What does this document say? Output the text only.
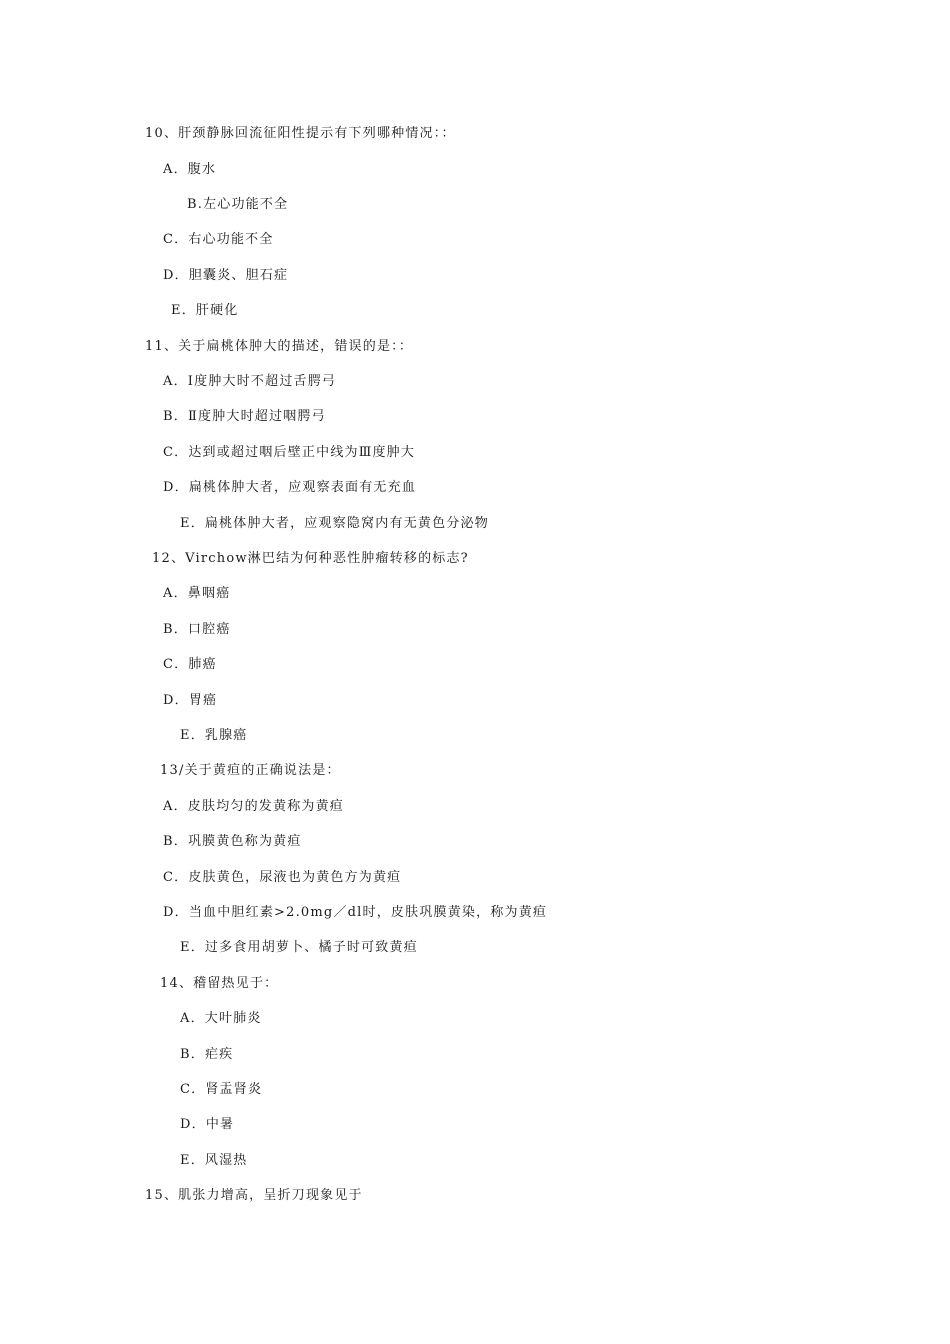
10、肝颈静脉回流征阳性提示有下列哪种情况：：
A．腹水
B.左心功能不全
C．右心功能不全
D．胆囊炎、胆石症
E．肝硬化
11、关于扁桃体肿大的描述，错误的是：：
A．I度肿大时不超过舌腭弓
B．Ⅱ度肿大时超过咽腭弓
C．达到或超过咽后壁正中线为Ⅲ度肿大
D．扁桃体肿大者，应观察表面有无充血
E．扁桃体肿大者，应观察隐窝内有无黄色分泌物
12、Virchow淋巴结为何种恶性肿瘤转移的标志?
A．鼻咽癌
B．口腔癌
C．肺癌
D．胃癌
E．乳腺癌
13/关于黄疸的正确说法是：
A．皮肤均匀的发黄称为黄疸
B．巩膜黄色称为黄疸
C．皮肤黄色，尿液也为黄色方为黄疸
D．当血中胆红素>2.0mg／dl时，皮肤巩膜黄染，称为黄疸
E．过多食用胡萝卜、橘子时可致黄疸
14、稽留热见于：
A．大叶肺炎
B．疟疾
C．肾盂肾炎
D．中暑
E．风湿热
15、肌张力增高，呈折刀现象见于
